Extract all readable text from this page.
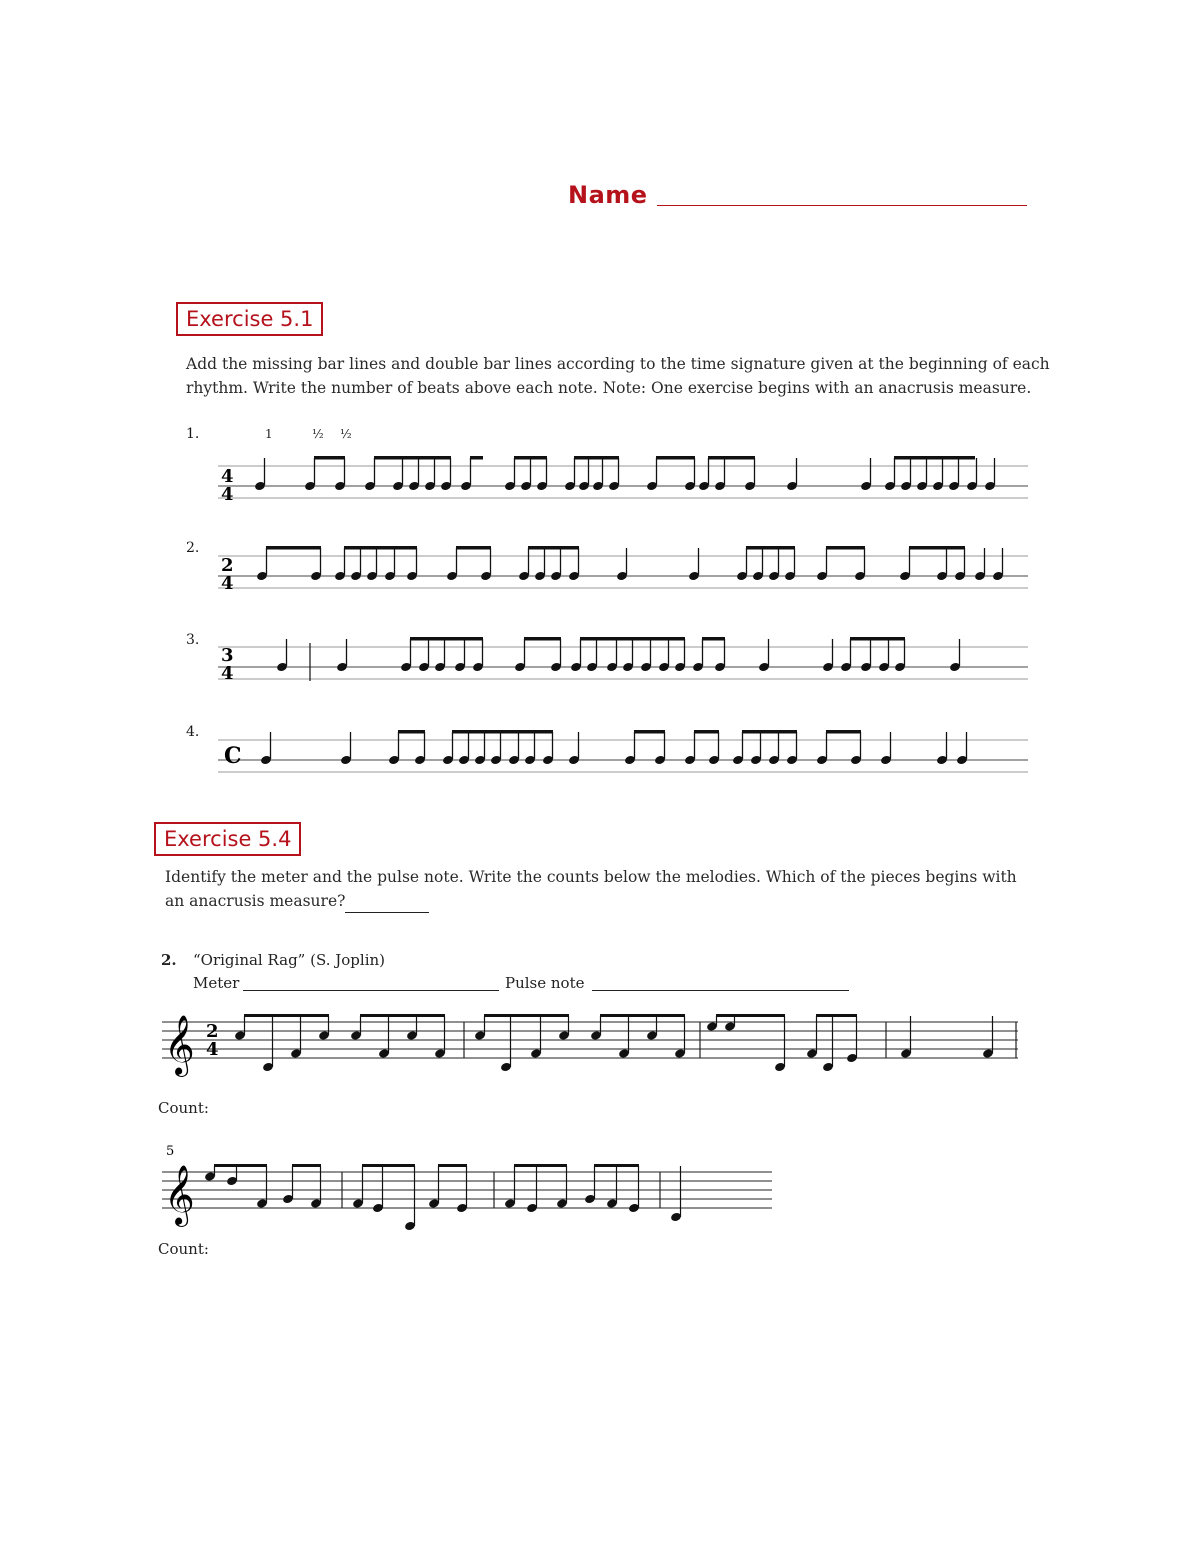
Name
Exercise 5.1
Add the missing bar lines and double bar lines according to the time signature given at the beginning of each
rhythm. Write the number of beats above each note. Note: One exercise begins with an anacrusis measure.
1.	1	½ ½
2.
3.
4.
4
4
2
4
3
4
C
Exercise 5.4
Identify the meter and the pulse note. Write the counts below the melodies. Which of the pieces begins with
an anacrusis measure?
2. “Original Rag” (S. Joplin)
Meter	Pulse note
𝄞
𝄞
2
4
5
Count:
Count:
